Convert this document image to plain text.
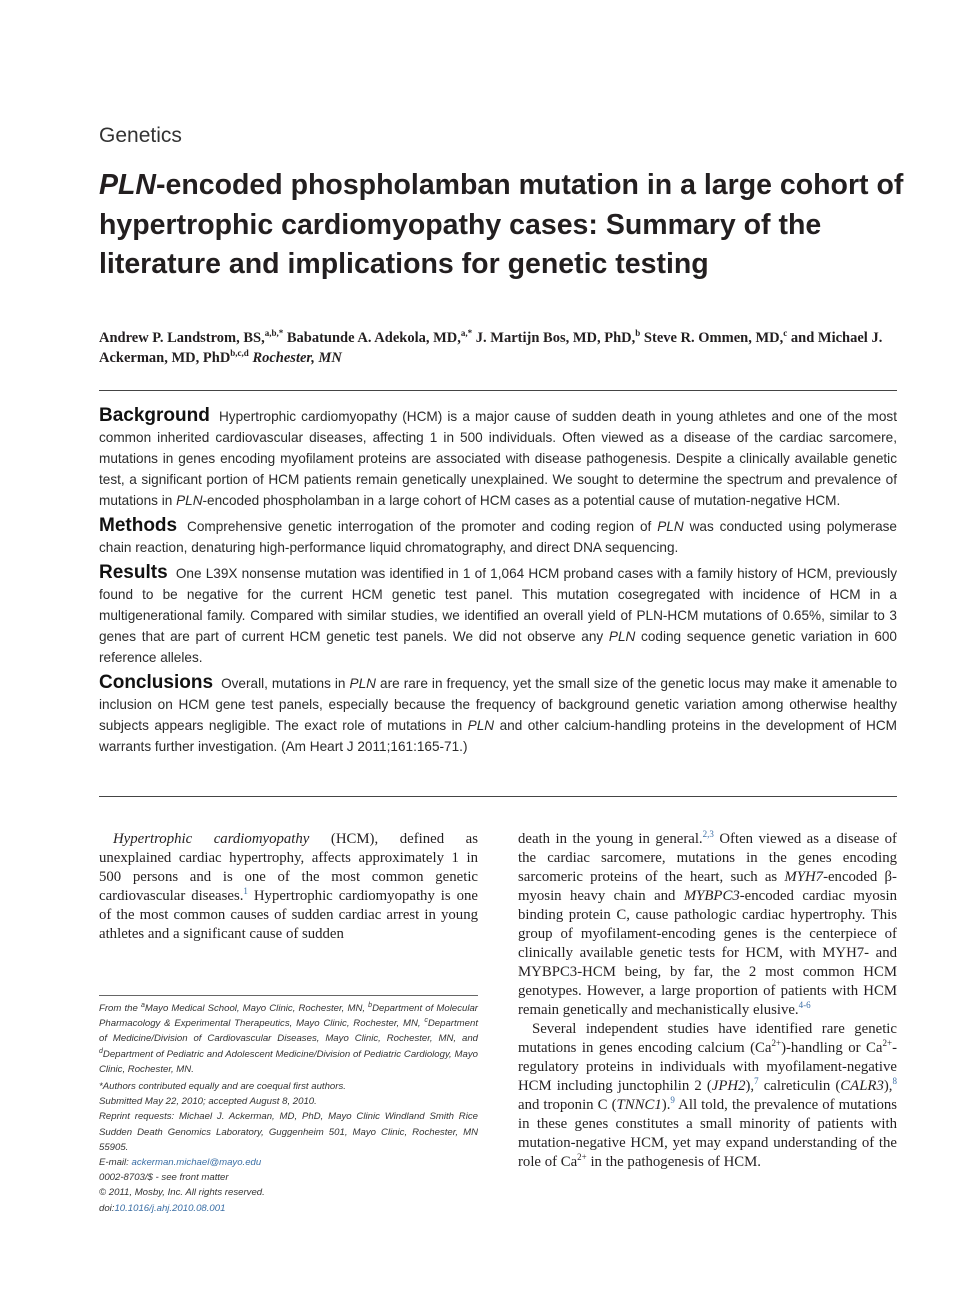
Genetics
PLN-encoded phospholamban mutation in a large cohort of hypertrophic cardiomyopathy cases: Summary of the literature and implications for genetic testing
Andrew P. Landstrom, BS,$^{a,b,*}$ Babatunde A. Adekola, MD,$^{a,*}$ J. Martijn Bos, MD, PhD,$^b$ Steve R. Ommen, MD,$^c$ and Michael J. Ackerman, MD, PhD$^{b,c,d}$ Rochester, MN

Background Hypertrophic cardiomyopathy (HCM) is a major cause of sudden death in young athletes and one of the most common inherited cardiovascular diseases, affecting 1 in 500 individuals. Often viewed as a disease of the cardiac sarcomere, mutations in genes encoding myofilament proteins are associated with disease pathogenesis. Despite a clinically available genetic test, a significant portion of HCM patients remain genetically unexplained. We sought to determine the spectrum and prevalence of mutations in PLN-encoded phospholamban in a large cohort of HCM cases as a potential cause of mutation-negative HCM.

Methods Comprehensive genetic interrogation of the promoter and coding region of PLN was conducted using polymerase chain reaction, denaturing high-performance liquid chromatography, and direct DNA sequencing.

Results One L39X nonsense mutation was identified in 1 of 1,064 HCM proband cases with a family history of HCM, previously found to be negative for the current HCM genetic test panel. This mutation cosegregated with incidence of HCM in a multigenerational family. Compared with similar studies, we identified an overall yield of PLN-HCM mutations of 0.65%, similar to 3 genes that are part of current HCM genetic test panels. We did not observe any PLN coding sequence genetic variation in 600 reference alleles.

Conclusions Overall, mutations in PLN are rare in frequency, yet the small size of the genetic locus may make it amenable to inclusion on HCM gene test panels, especially because the frequency of background genetic variation among otherwise healthy subjects appears negligible. The exact role of mutations in PLN and other calcium-handling proteins in the development of HCM warrants further investigation. (Am Heart J 2011;161:165-71.)

Hypertrophic cardiomyopathy (HCM), defined as unexplained cardiac hypertrophy, affects approximately 1 in 500 persons and is one of the most common genetic cardiovascular diseases.$^1$ Hypertrophic cardiomyopathy is one of the most common causes of sudden cardiac arrest in young athletes and a significant cause of sudden

From the $^a$Mayo Medical School, Mayo Clinic, Rochester, MN, $^b$Department of Molecular Pharmacology & Experimental Therapeutics, Mayo Clinic, Rochester, MN, $^c$Department of Medicine/Division of Cardiovascular Diseases, Mayo Clinic, Rochester, MN, and $^d$Department of Pediatric and Adolescent Medicine/Division of Pediatric Cardiology, Mayo Clinic, Rochester, MN.

*Authors contributed equally and are coequal first authors.

Submitted May 22, 2010; accepted August 8, 2010.

Reprint requests: Michael J. Ackerman, MD, PhD, Mayo Clinic Windland Smith Rice Sudden Death Genomics Laboratory, Guggenheim 501, Mayo Clinic, Rochester, MN 55905.

E-mail: ackerman.michael@mayo.edu

0002-8703/$ - see front matter

© 2011, Mosby, Inc. All rights reserved.

doi:10.1016/j.ahj.2010.08.001

death in the young in general.$^{2,3}$ Often viewed as a disease of the cardiac sarcomere, mutations in the genes encoding sarcomeric proteins of the heart, such as MYH7-encoded β-myosin heavy chain and MYBPC3-encoded cardiac myosin binding protein C, cause pathologic cardiac hypertrophy. This group of myofilament-encoding genes is the centerpiece of clinically available genetic tests for HCM, with MYH7- and MYBPC3-HCM being, by far, the 2 most common HCM genotypes. However, a large proportion of patients with HCM remain genetically and mechanistically elusive.$^{4-6}$

Several independent studies have identified rare genetic mutations in genes encoding calcium $(Ca^{2+})$-handling or $Ca^{2+}$-regulatory proteins in individuals with myofilament-negative HCM including junctophilin 2 (JPH2),$^7$ calreticulin (CALR3),$^8$ and troponin C (TNNC1).$^9$ All told, the prevalence of mutations in these genes constitutes a small minority of patients with mutation-negative HCM, yet may expand understanding of the role of $Ca^{2+}$ in the pathogenesis of HCM.
